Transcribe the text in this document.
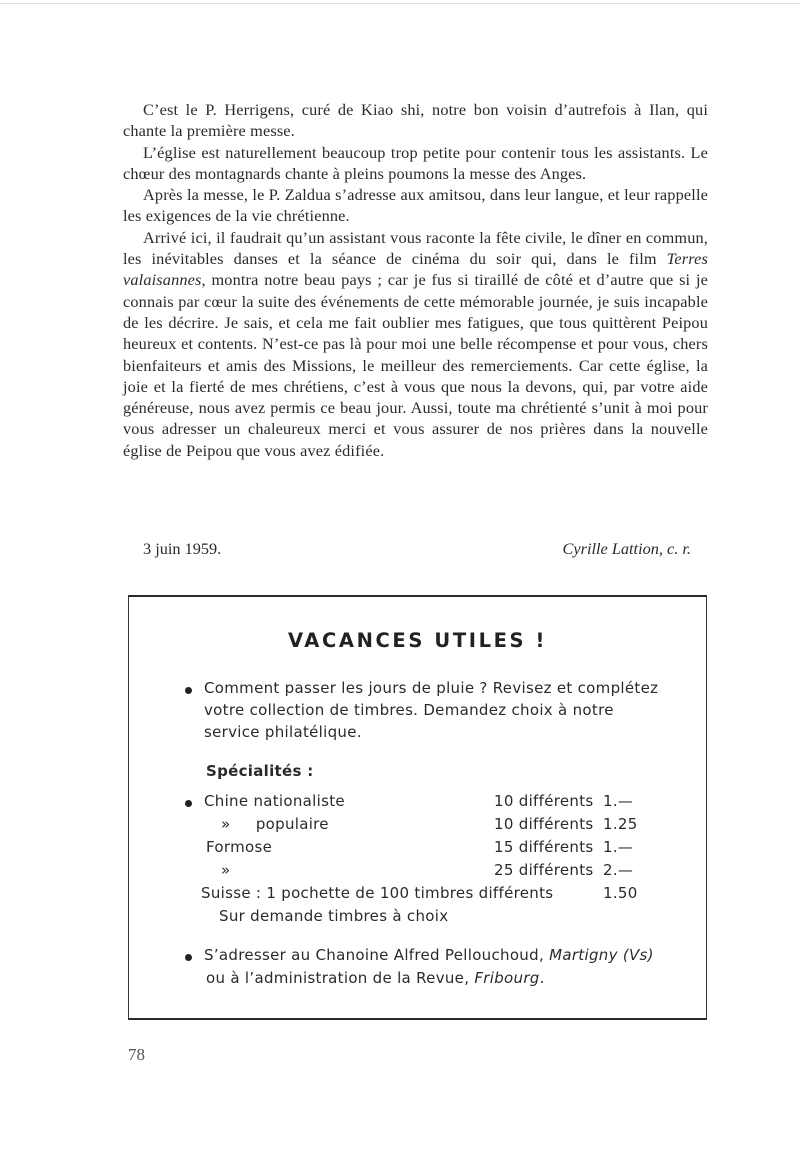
C’est le P. Herrigens, curé de Kiao shi, notre bon voisin d’autrefois à Ilan, qui chante la première messe.

L’église est naturellement beaucoup trop petite pour contenir tous les assistants. Le chœur des montagnards chante à pleins poumons la messe des Anges.

Après la messe, le P. Zaldua s’adresse aux amitsou, dans leur langue, et leur rappelle les exigences de la vie chrétienne.

Arrivé ici, il faudrait qu’un assistant vous raconte la fête civile, le dîner en commun, les inévitables danses et la séance de cinéma du soir qui, dans le film Terres valaisannes, montra notre beau pays ; car je fus si tiraillé de côté et d’autre que si je connais par cœur la suite des événements de cette mémorable journée, je suis incapable de les décrire. Je sais, et cela me fait oublier mes fatigues, que tous quittèrent Peipou heureux et contents. N’est-ce pas là pour moi une belle récompense et pour vous, chers bienfaiteurs et amis des Missions, le meilleur des remerciements. Car cette église, la joie et la fierté de mes chrétiens, c’est à vous que nous la devons, qui, par votre aide généreuse, nous avez permis ce beau jour. Aussi, toute ma chrétienté s’unit à moi pour vous adresser un chaleureux merci et vous assurer de nos prières dans la nouvelle église de Peipou que vous avez édifiée.

3 juin 1959.	Cyrille Lattion, c. r.
VACANCES UTILES !
Comment passer les jours de pluie ? Revisez et complétez
votre collection de timbres. Demandez choix à notre
service philatélique.
Spécialités :
Chine nationaliste	10 différents 1.—
»     populaire	10 différents 1.25
Formose	15 différents 1.—
»	25 différents 2.—
Suisse : 1 pochette de 100 timbres différents	1.50
Sur demande timbres à choix
S’adresser au Chanoine Alfred Pellouchoud, Martigny (Vs)
ou à l’administration de la Revue, Fribourg.
78
